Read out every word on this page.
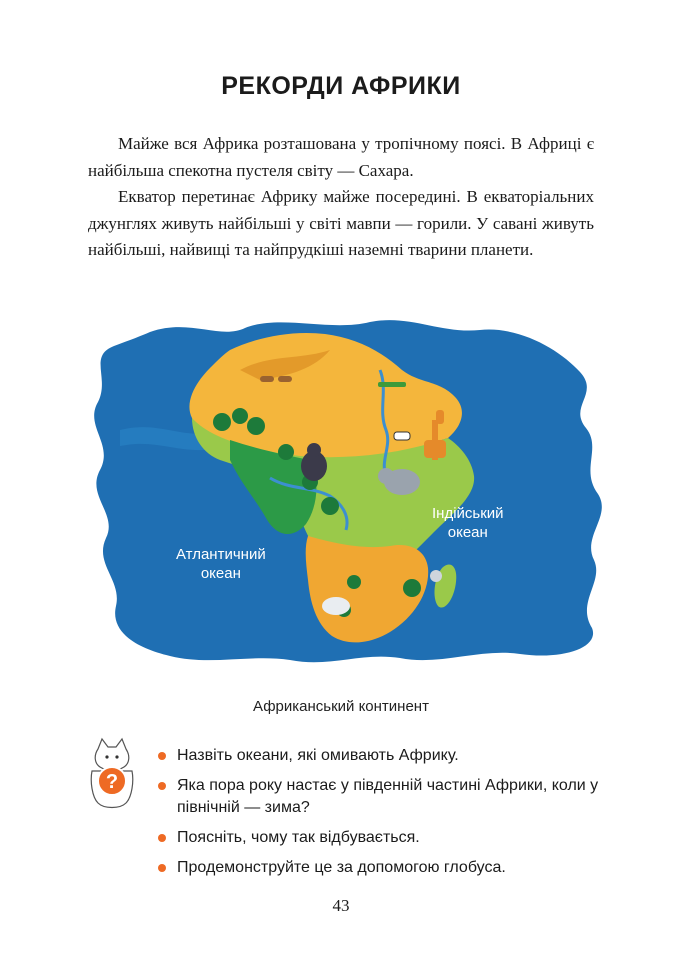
РЕКОРДИ АФРИКИ

Майже вся Африка розташована у тропічному поясі. В Африці є найбільша спекотна пустеля світу — Сахара.

Екватор перетинає Африку майже посередині. В екваторіальних джунглях живуть найбільші у світі мавпи — горили. У савані живуть найбільші, найвищі та найпрудкіші наземні тварини планети.

Атлантичний
океан
Індійський
океан
Африканський континент
?
Назвіть океани, які омивають Африку.
Яка пора року настає у південній частині Африки, коли у північній — зима?
Поясніть, чому так відбувається.
Продемонструйте це за допомогою глобуса.
43
